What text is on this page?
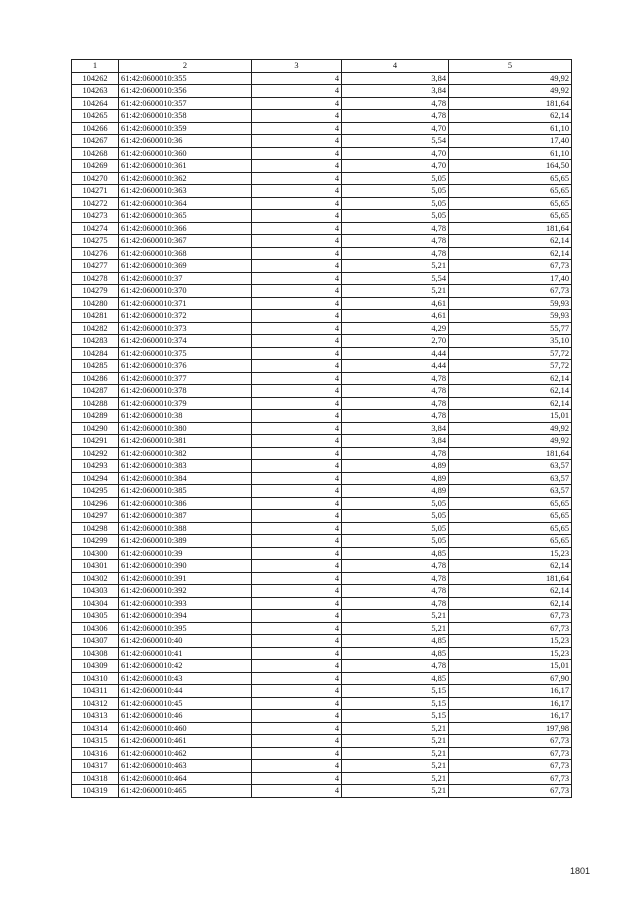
1	2	3	4	5
104262	61:42:0600010:355	4	3,84	49,92
104263	61:42:0600010:356	4	3,84	49,92
104264	61:42:0600010:357	4	4,78	181,64
104265	61:42:0600010:358	4	4,78	62,14
104266	61:42:0600010:359	4	4,70	61,10
104267	61:42:0600010:36	4	5,54	17,40
104268	61:42:0600010:360	4	4,70	61,10
104269	61:42:0600010:361	4	4,70	164,50
104270	61:42:0600010:362	4	5,05	65,65
104271	61:42:0600010:363	4	5,05	65,65
104272	61:42:0600010:364	4	5,05	65,65
104273	61:42:0600010:365	4	5,05	65,65
104274	61:42:0600010:366	4	4,78	181,64
104275	61:42:0600010:367	4	4,78	62,14
104276	61:42:0600010:368	4	4,78	62,14
104277	61:42:0600010:369	4	5,21	67,73
104278	61:42:0600010:37	4	5,54	17,40
104279	61:42:0600010:370	4	5,21	67,73
104280	61:42:0600010:371	4	4,61	59,93
104281	61:42:0600010:372	4	4,61	59,93
104282	61:42:0600010:373	4	4,29	55,77
104283	61:42:0600010:374	4	2,70	35,10
104284	61:42:0600010:375	4	4,44	57,72
104285	61:42:0600010:376	4	4,44	57,72
104286	61:42:0600010:377	4	4,78	62,14
104287	61:42:0600010:378	4	4,78	62,14
104288	61:42:0600010:379	4	4,78	62,14
104289	61:42:0600010:38	4	4,78	15,01
104290	61:42:0600010:380	4	3,84	49,92
104291	61:42:0600010:381	4	3,84	49,92
104292	61:42:0600010:382	4	4,78	181,64
104293	61:42:0600010:383	4	4,89	63,57
104294	61:42:0600010:384	4	4,89	63,57
104295	61:42:0600010:385	4	4,89	63,57
104296	61:42:0600010:386	4	5,05	65,65
104297	61:42:0600010:387	4	5,05	65,65
104298	61:42:0600010:388	4	5,05	65,65
104299	61:42:0600010:389	4	5,05	65,65
104300	61:42:0600010:39	4	4,85	15,23
104301	61:42:0600010:390	4	4,78	62,14
104302	61:42:0600010:391	4	4,78	181,64
104303	61:42:0600010:392	4	4,78	62,14
104304	61:42:0600010:393	4	4,78	62,14
104305	61:42:0600010:394	4	5,21	67,73
104306	61:42:0600010:395	4	5,21	67,73
104307	61:42:0600010:40	4	4,85	15,23
104308	61:42:0600010:41	4	4,85	15,23
104309	61:42:0600010:42	4	4,78	15,01
104310	61:42:0600010:43	4	4,85	67,90
104311	61:42:0600010:44	4	5,15	16,17
104312	61:42:0600010:45	4	5,15	16,17
104313	61:42:0600010:46	4	5,15	16,17
104314	61:42:0600010:460	4	5,21	197,98
104315	61:42:0600010:461	4	5,21	67,73
104316	61:42:0600010:462	4	5,21	67,73
104317	61:42:0600010:463	4	5,21	67,73
104318	61:42:0600010:464	4	5,21	67,73
104319	61:42:0600010:465	4	5,21	67,73
1801
